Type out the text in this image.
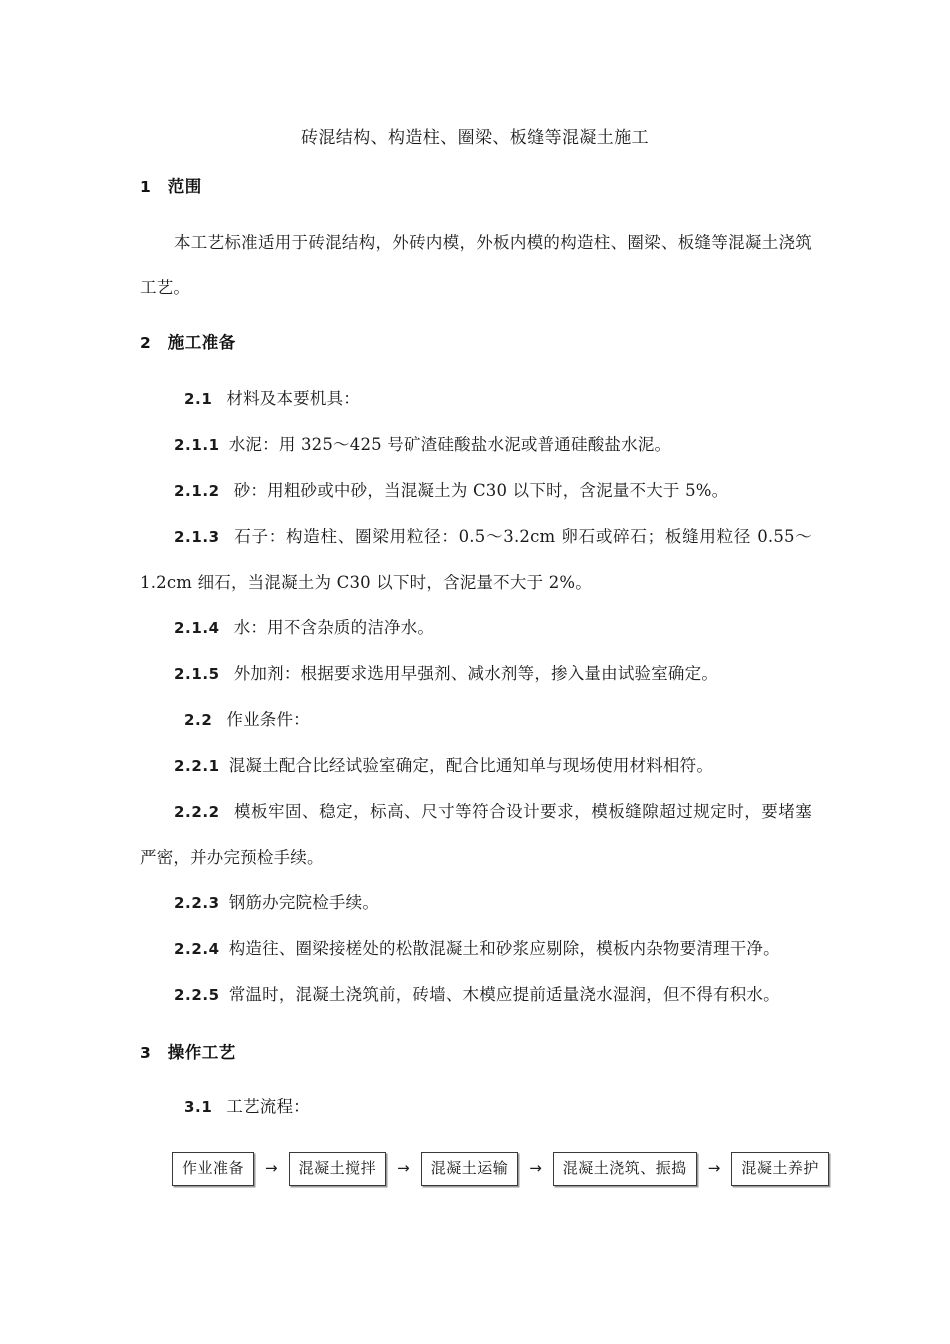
砖混结构、构造柱、圈梁、板缝等混凝土施工
1 范围

本工艺标准适用于砖混结构，外砖内模，外板内模的构造柱、圈梁、板缝等混凝土浇筑工艺。

2 施工准备

2.1 材料及本要机具：

2.1.1 水泥：用 325～425 号矿渣硅酸盐水泥或普通硅酸盐水泥。

2.1.2 砂：用粗砂或中砂，当混凝土为 C30 以下时，含泥量不大于 5%。

2.1.3 石子：构造柱、圈梁用粒径：0.5～3.2cm 卵石或碎石；板缝用粒径 0.55～1.2cm 细石，当混凝土为 C30 以下时，含泥量不大于 2%。

2.1.4 水：用不含杂质的洁净水。

2.1.5 外加剂：根据要求选用早强剂、减水剂等，掺入量由试验室确定。

2.2 作业条件：

2.2.1 混凝土配合比经试验室确定，配合比通知单与现场使用材料相符。

2.2.2 模板牢固、稳定，标高、尺寸等符合设计要求，模板缝隙超过规定时，要堵塞严密，并办完预检手续。

2.2.3 钢筋办完院检手续。

2.2.4 构造往、圈梁接槎处的松散混凝土和砂浆应剔除，模板内杂物要清理干净。

2.2.5 常温时，混凝土浇筑前，砖墙、木模应提前适量浇水湿润，但不得有积水。

3 操作工艺

3.1 工艺流程：

作业准备	→	混凝土搅拌	→	混凝土运输	→	混凝土浇筑、振捣	→	混凝土养护
